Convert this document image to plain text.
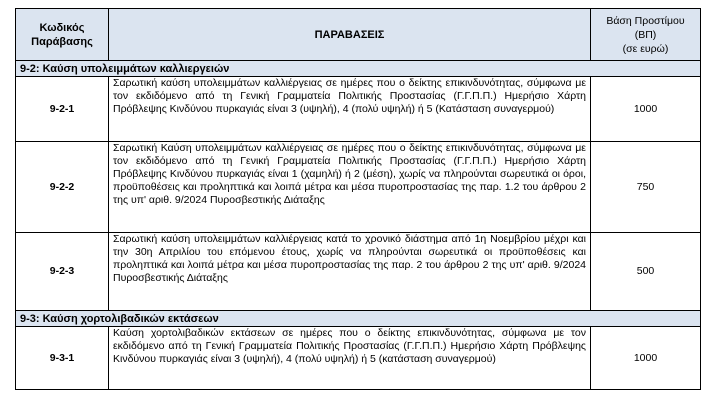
Κωδικός Παράβασης	ΠΑΡΑΒΑΣΕΙΣ	Βάση Προστίμου (ΒΠ)
(σε ευρώ)

9-2: Καύση υπολειμμάτων καλλιεργειών		
9-2-1	Σαρωτική καύση υπολειμμάτων καλλιέργειας σε ημέρες που ο δείκτης επικινδυνότητας, σύμφωνα με τον εκδιδόμενο από τη Γενική Γραμματεία Πολιτικής Προστασίας (Γ.Γ.Π.Π.) Ημερήσιο Χάρτη Πρόβλεψης Κινδύνου πυρκαγιάς είναι 3 (υψηλή), 4 (πολύ υψηλή) ή 5 (Κατάσταση συναγερμού)	1000
9-2-2	Σαρωτική Καύση υπολειμμάτων καλλιέργειας σε ημέρες που ο δείκτης επικινδυνότητας, σύμφωνα με τον εκδιδόμενο από τη Γενική Γραμματεία Πολιτικής Προστασίας (Γ.Γ.Π.Π.) Ημερήσιο Χάρτη Πρόβλεψης Κινδύνου πυρκαγιάς είναι 1 (χαμηλή) ή 2 (μέση), χωρίς να πληρούνται σωρευτικά οι όροι, προϋποθέσεις και προληπτικά και λοιπά μέτρα και μέσα πυροπροστασίας της παρ. 1.2 του άρθρου 2 της υπ' αριθ. 9/2024 Πυροσβεστικής Διάταξης	750
9-2-3	Σαρωτική καύση υπολειμμάτων καλλιέργειας κατά το χρονικό διάστημα από 1η Νοεμβρίου μέχρι και την 30η Απριλίου του επόμενου έτους, χωρίς να πληρούνται σωρευτικά οι προϋποθέσεις και προληπτικά και λοιπά μέτρα και μέσα πυροπροστασίας της παρ. 2 του άρθρου 2 της υπ' αριθ. 9/2024 Πυροσβεστικής Διάταξης	500
9-3: Καύση χορτολιβαδικών εκτάσεων		
9-3-1	Καύση χορτολιβαδικών εκτάσεων σε ημέρες που ο δείκτης επικινδυνότητας, σύμφωνα με τον εκδιδόμενο από τη Γενική Γραμματεία Πολιτικής Προστασίας (Γ.Γ.Π.Π.) Ημερήσιο Χάρτη Πρόβλεψης Κινδύνου πυρκαγιάς είναι 3 (υψηλή), 4 (πολύ υψηλή) ή 5 (κατάσταση συναγερμού)	1000
